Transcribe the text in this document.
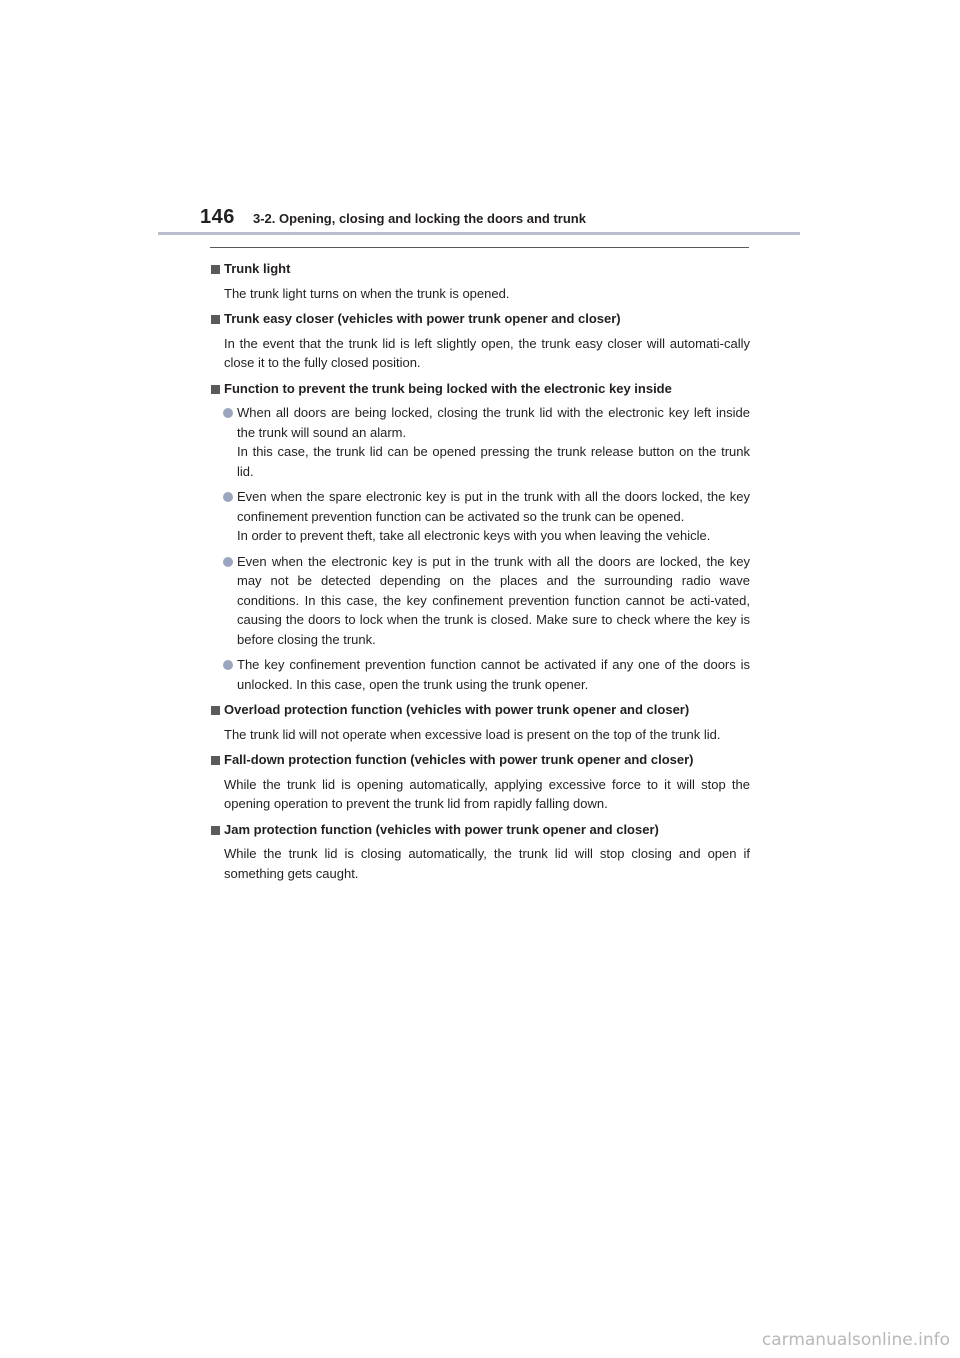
146 3-2. Opening, closing and locking the doors and trunk
Trunk light

The trunk light turns on when the trunk is opened.

Trunk easy closer (vehicles with power trunk opener and closer)

In the event that the trunk lid is left slightly open, the trunk easy closer will automati-cally close it to the fully closed position.

Function to prevent the trunk being locked with the electronic key inside

When all doors are being locked, closing the trunk lid with the electronic key left inside the trunk will sound an alarm.

In this case, the trunk lid can be opened pressing the trunk release button on the trunk lid.

Even when the spare electronic key is put in the trunk with all the doors locked, the key confinement prevention function can be activated so the trunk can be opened.

In order to prevent theft, take all electronic keys with you when leaving the vehicle.

Even when the electronic key is put in the trunk with all the doors are locked, the key may not be detected depending on the places and the surrounding radio wave conditions. In this case, the key confinement prevention function cannot be acti-vated, causing the doors to lock when the trunk is closed. Make sure to check where the key is before closing the trunk.

The key confinement prevention function cannot be activated if any one of the doors is unlocked. In this case, open the trunk using the trunk opener.

Overload protection function (vehicles with power trunk opener and closer)

The trunk lid will not operate when excessive load is present on the top of the trunk lid.

Fall-down protection function (vehicles with power trunk opener and closer)

While the trunk lid is opening automatically, applying excessive force to it will stop the opening operation to prevent the trunk lid from rapidly falling down.

Jam protection function (vehicles with power trunk opener and closer)

While the trunk lid is closing automatically, the trunk lid will stop closing and open if something gets caught.

carmanualsonline.info
